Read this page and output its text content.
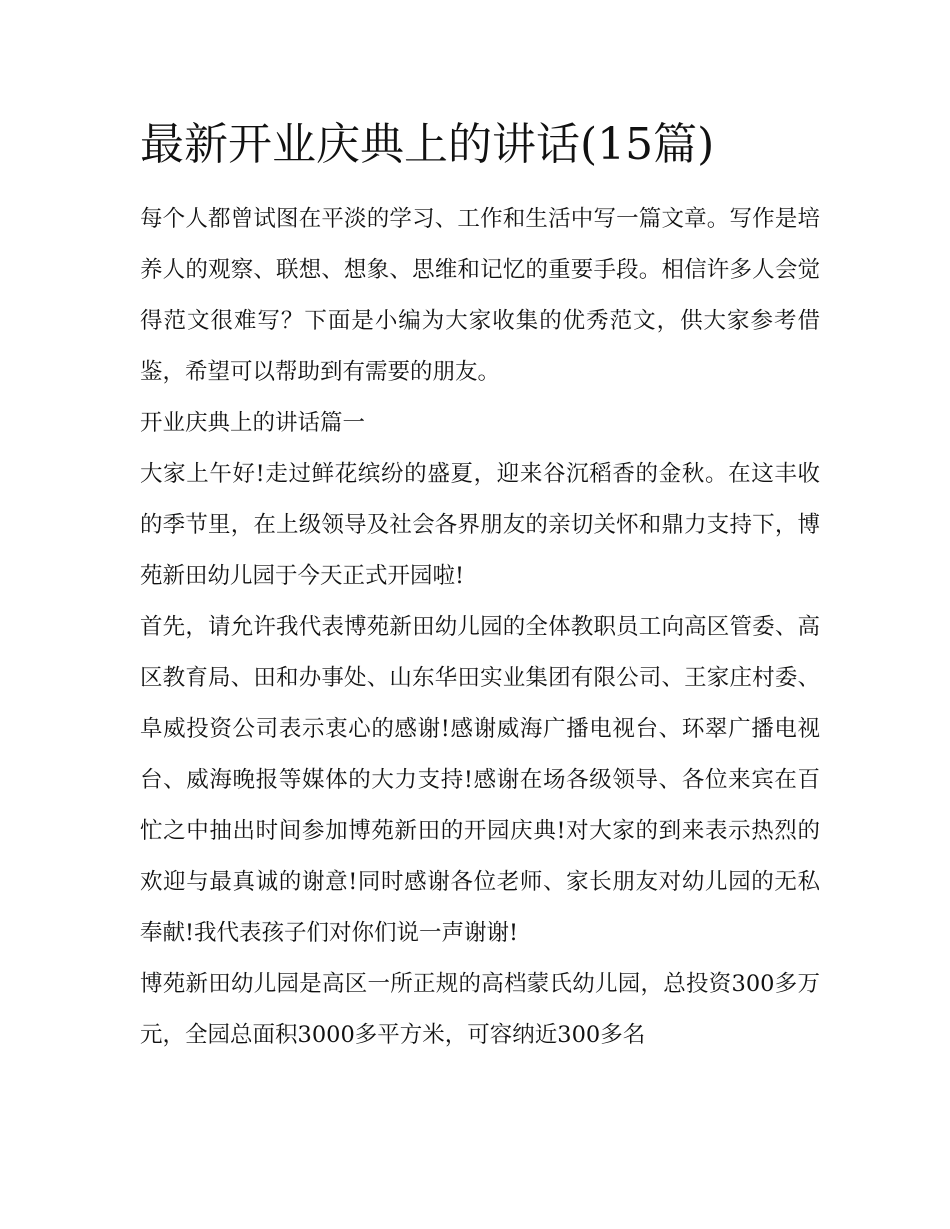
最新开业庆典上的讲话(15篇)

每个人都曾试图在平淡的学习、工作和生活中写一篇文章。写作是培养人的观察、联想、想象、思维和记忆的重要手段。相信许多人会觉得范文很难写？下面是小编为大家收集的优秀范文，供大家参考借鉴，希望可以帮助到有需要的朋友。

开业庆典上的讲话篇一

大家上午好!走过鲜花缤纷的盛夏，迎来谷沉稻香的金秋。在这丰收的季节里，在上级领导及社会各界朋友的亲切关怀和鼎力支持下，博苑新田幼儿园于今天正式开园啦!

首先，请允许我代表博苑新田幼儿园的全体教职员工向高区管委、高区教育局、田和办事处、山东华田实业集团有限公司、王家庄村委、阜威投资公司表示衷心的感谢!感谢威海广播电视台、环翠广播电视台、威海晚报等媒体的大力支持!感谢在场各级领导、各位来宾在百忙之中抽出时间参加博苑新田的开园庆典!对大家的到来表示热烈的欢迎与最真诚的谢意!同时感谢各位老师、家长朋友对幼儿园的无私奉献!我代表孩子们对你们说一声谢谢!

博苑新田幼儿园是高区一所正规的高档蒙氏幼儿园，总投资300多万元，全园总面积3000多平方米，可容纳近300多名
